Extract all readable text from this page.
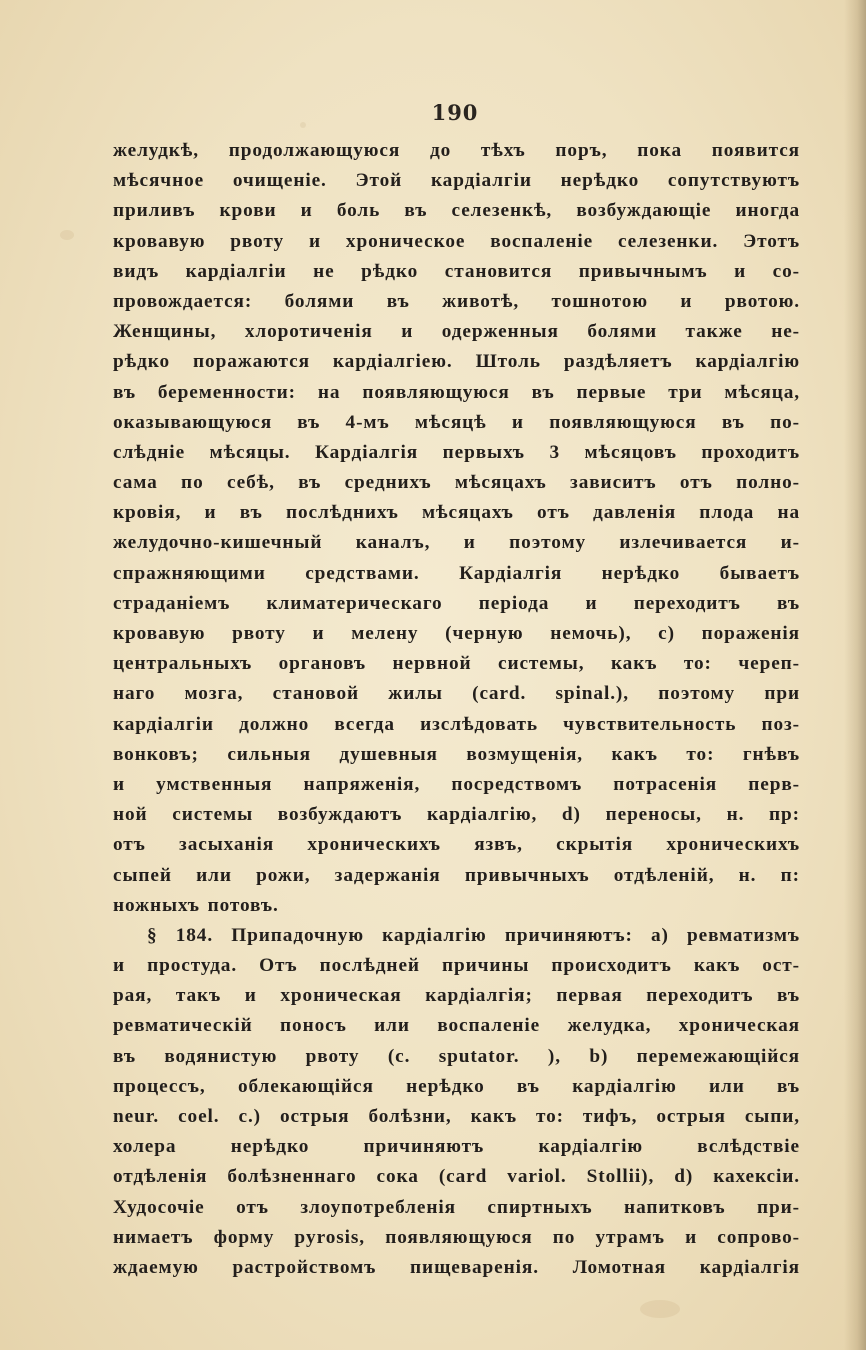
190
желудкѣ, продолжающуюся до тѣхъ поръ, пока появится
мѣсячное очищеніе. Этой кардіалгіи нерѣдко сопутствуютъ
приливъ крови и боль въ селезенкѣ, возбуждающіе иногда
кровавую рвоту и хроническое воспаленіе селезенки. Этотъ
видъ кардіалгіи не рѣдко становится привычнымъ и со-
провождается: болями въ животѣ, тошнотою и рвотою.
Женщины, хлоротиченія и одерженныя болями также не-
рѣдко поражаются кардіалгіею. Штоль раздѣляетъ кардіалгію
въ беременности: на появляющуюся въ первые три мѣсяца,
оказывающуюся въ 4-мъ мѣсяцѣ и появляющуюся въ по-
слѣдніе мѣсяцы. Кардіалгія первыхъ 3 мѣсяцовъ проходитъ
сама по себѣ, въ среднихъ мѣсяцахъ зависитъ отъ полно-
кровія, и въ послѣднихъ мѣсяцахъ отъ давленія плода на
желудочно-кишечный каналъ, и поэтому излечивается и-
спражняющими средствами. Кардіалгія нерѣдко бываетъ
страданіемъ климатерическаго періода и переходитъ въ
кровавую рвоту и мелену (черную немочь), с) пораженія
центральныхъ органовъ нервной системы, какъ то: череп-
наго мозга, становой жилы (card. spinal.), поэтому при
кардіалгіи должно всегда изслѣдовать чувствительность поз-
вонковъ; сильныя душевныя возмущенія, какъ то: гнѣвъ
и умственныя напряженія, посредствомъ потрасенія перв-
ной системы возбуждаютъ кардіалгію, d) переносы, н. пр:
отъ засыханія хроническихъ язвъ, скрытія хроническихъ
сыпей или рожи, задержанія привычныхъ отдѣленій, н. п:
ножныхъ потовъ.
§ 184. Припадочную кардіалгію причиняютъ: а) ревматизмъ
и простуда. Отъ послѣдней причины происходитъ какъ ост-
рая, такъ и хроническая кардіалгія; первая переходитъ въ
ревматическій поносъ или воспаленіе желудка, хроническая
въ водянистую рвоту (c. sputator. ), b) перемежающійся
процессъ, облекающійся нерѣдко въ кардіалгію или въ
neur. coel. c.) острыя болѣзни, какъ то: тифъ, острыя сыпи,
холера нерѣдко причиняютъ кардіалгію вслѣдствіе
отдѣленія болѣзненнаго сока (card variol. Stollii), d) кахексіи.
Худосочіе отъ злоупотребленія спиртныхъ напитковъ при-
нимаетъ форму pyrosis, появляющуюся по утрамъ и сопрово-
ждаемую растройствомъ пищеваренія. Ломотная кардіалгія
